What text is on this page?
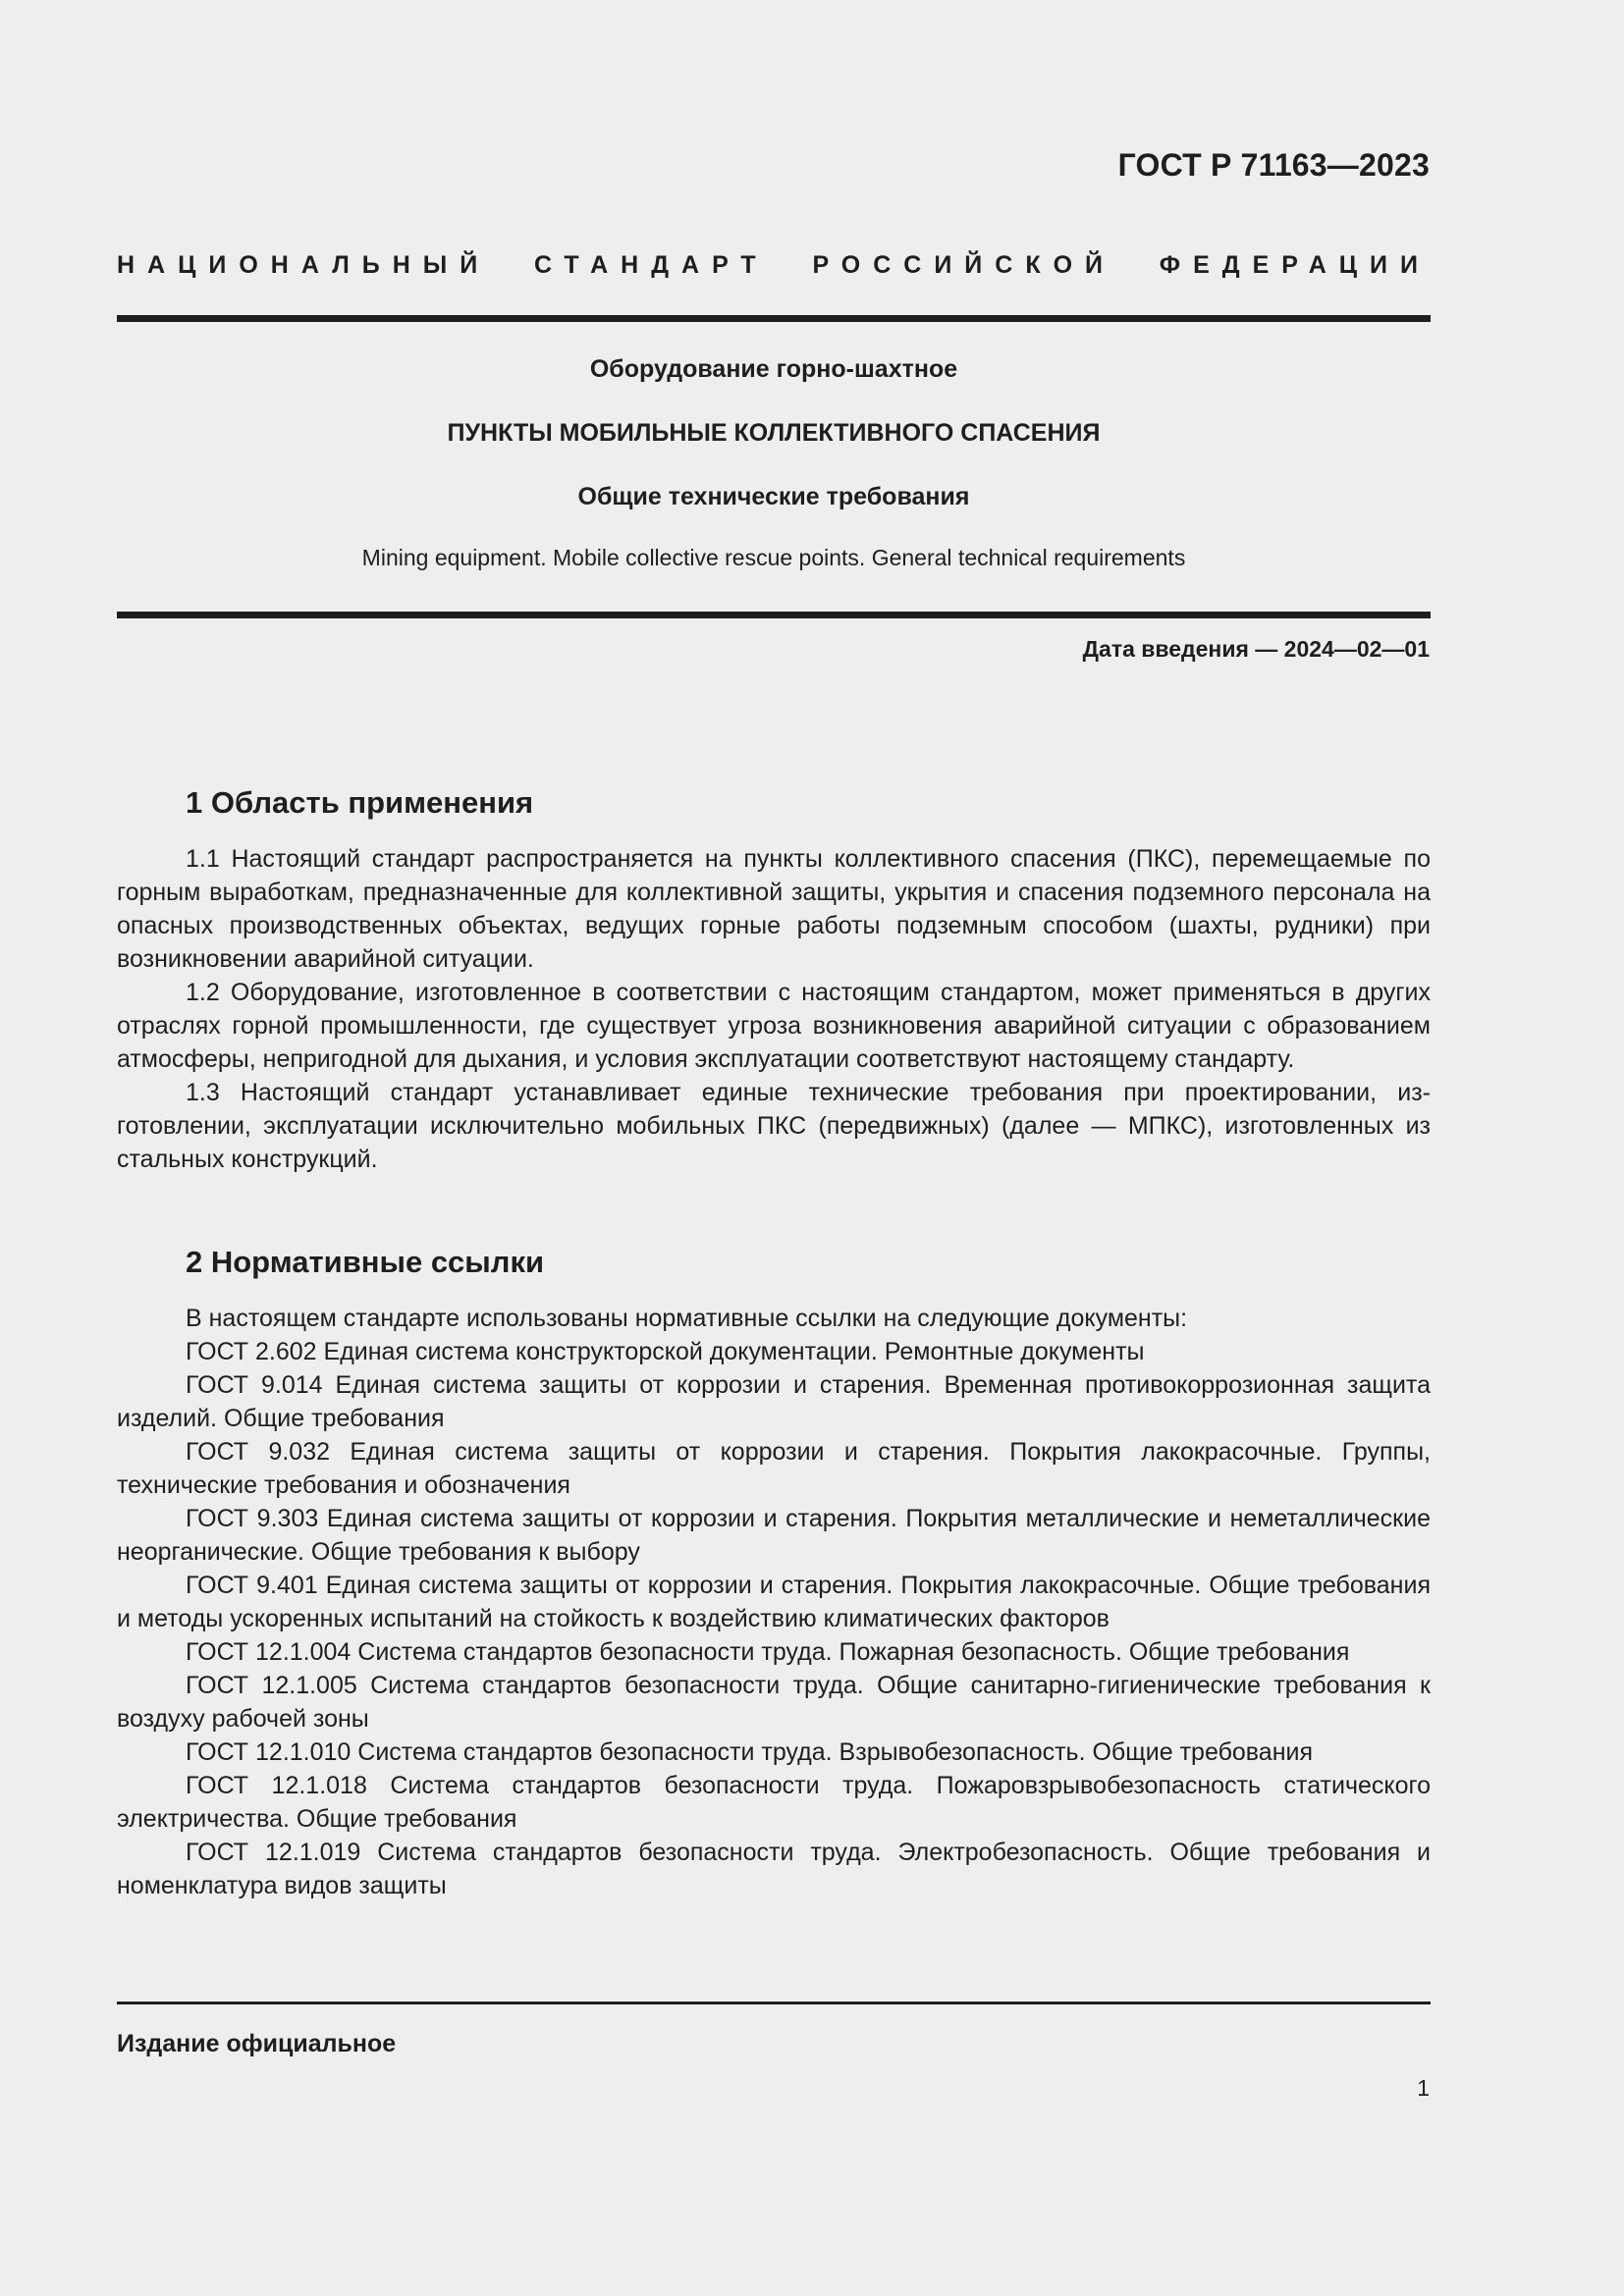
ГОСТ Р 71163—2023
НАЦИОНАЛЬНЫЙ СТАНДАРТ РОССИЙСКОЙ ФЕДЕРАЦИИ
Оборудование горно-шахтное
ПУНКТЫ МОБИЛЬНЫЕ КОЛЛЕКТИВНОГО СПАСЕНИЯ
Общие технические требования
Mining equipment. Mobile collective rescue points. General technical requirements
Дата введения — 2024—02—01
1 Область применения

1.1 Настоящий стандарт распространяется на пункты коллективного спасения (ПКС), перемещаемые по горным выработкам, предназначенные для коллективной защиты, укрытия и спасения подземного персонала на опасных производственных объектах, ведущих горные работы подземным способом (шахты, рудники) при возникновении аварийной ситуации.

1.2 Оборудование, изготовленное в соответствии с настоящим стандартом, может применяться в других отраслях горной промышленности, где существует угроза возникновения аварийной ситуации с образованием атмосферы, непригодной для дыхания, и условия эксплуатации соответствуют настоящему стандарту.

1.3 Настоящий стандарт устанавливает единые технические требования при проектировании, изготовлении, эксплуатации исключительно мобильных ПКС (передвижных) (далее — МПКС), изготовленных из стальных конструкций.

2 Нормативные ссылки

В настоящем стандарте использованы нормативные ссылки на следующие документы:

ГОСТ 2.602 Единая система конструкторской документации. Ремонтные документы

ГОСТ 9.014 Единая система защиты от коррозии и старения. Временная противокоррозионная защита изделий. Общие требования

ГОСТ 9.032 Единая система защиты от коррозии и старения. Покрытия лакокрасочные. Группы, технические требования и обозначения

ГОСТ 9.303 Единая система защиты от коррозии и старения. Покрытия металлические и неметаллические неорганические. Общие требования к выбору

ГОСТ 9.401 Единая система защиты от коррозии и старения. Покрытия лакокрасочные. Общие требования и методы ускоренных испытаний на стойкость к воздействию климатических факторов

ГОСТ 12.1.004 Система стандартов безопасности труда. Пожарная безопасность. Общие требования

ГОСТ 12.1.005 Система стандартов безопасности труда. Общие санитарно-гигиенические требования к воздуху рабочей зоны

ГОСТ 12.1.010 Система стандартов безопасности труда. Взрывобезопасность. Общие требования

ГОСТ 12.1.018 Система стандартов безопасности труда. Пожаровзрывобезопасность статического электричества. Общие требования

ГОСТ 12.1.019 Система стандартов безопасности труда. Электробезопасность. Общие требования и номенклатура видов защиты

Издание официальное
1
